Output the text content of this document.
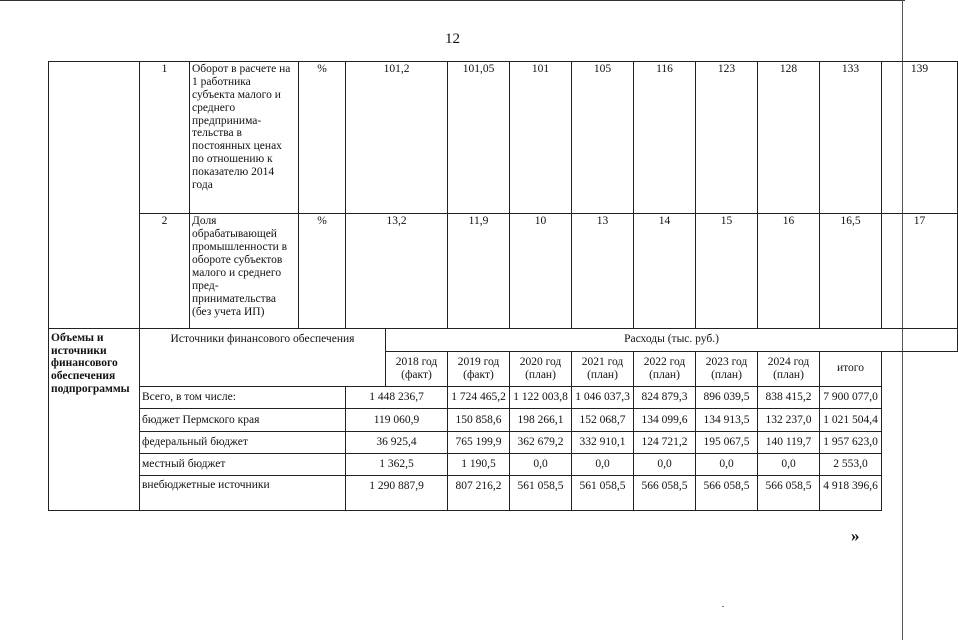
12
	1	Оборот в расчете на 1 работника субъекта малого и среднего предпринима-тельства в постоянных ценах по отношению к показателю 2014 года	%	101,2		101,05	101	105	116	123	128	133	139
	2	Доля обрабатывающей промышленности в обороте субъектов малого и среднего пред-принимательства (без учета ИП)	%	13,2		11,9	10	13	14	15	16	16,5	17
Объемы и источники финансового обеспечения подпрограммы	Источники финансового обеспечения				Расходы (тыс. руб.)								
					2018 год (факт)	2019 год (факт)	2020 год (план)	2021 год (план)	2022 год (план)	2023 год (план)	2024 год (план)	итого	
	Всего, в том числе:			1 448 236,7		1 724 465,2	1 122 003,8	1 046 037,3	824 879,3	896 039,5	838 415,2	7 900 077,0	
	бюджет Пермского края			119 060,9		150 858,6	198 266,1	152 068,7	134 099,6	134 913,5	132 237,0	1 021 504,4	
	федеральный бюджет			36 925,4		765 199,9	362 679,2	332 910,1	124 721,2	195 067,5	140 119,7	1 957 623,0	
	местный бюджет			1 362,5		1 190,5	0,0	0,0	0,0	0,0	0,0	2 553,0	
	внебюджетные источники			1 290 887,9		807 216,2	561 058,5	561 058,5	566 058,5	566 058,5	566 058,5	4 918 396,6	
»
